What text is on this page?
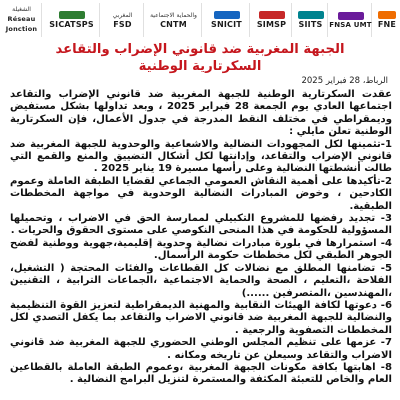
الشغيلة
Réseau
Jonction SICATSPS
المغربي
FSD
والحماية الاجتماعية
CNTM	SNICIT SIMSP SIITS FNSA UMT FNE
الجبهة المغربية ضد قانوني الإضراب والتقاعد
السكرتارية الوطنية
الرباط، 28 فبراير 2025

عقدت السكرتارية الوطنية للجبهة المغربية ضد قانوني الإضراب والتقاعد اجتماعها العادي يوم الجمعة 28 فبراير 2025 ، وبعد تداولها بشكل مستفيض وديمقراطي في مختلف النقط المدرجة في جدول الأعمال، فإن السكرتارية الوطنية تعلن مايلي :

1-تثمينها لكل المجهودات النضالية والاشعاعية والوحدوية للجبهة المغربية ضد قانوني الإضراب والتقاعد، وإدانتها لكل أشكال التضييق والمنع والقمع التي طالت أنشطتها النضالية وعلى رأسها مسيرة 19 يناير 2025 .

2-تأكيدها على أهمية النقاش العمومي الجماعي لقضايا الطبقة العاملة وعموم الكادحين ، وخوض المبادرات النضالية الوحدوية في مواجهة المخططات الطبقية.

3- تجديد رفضها للمشروع التكبيلي لممارسة الحق في الاضراب ، وتحميلها المسؤولية للحكومة في هذا المنحى النكوصي على مستوى الحقوق والحريات .

4- استمرارها في بلورة مبادرات نضالية وحدوية إقليمية،جهوية ووطنية لفضح الجوهر الطبقي لكل مخططات حكومة الرأسمال.

5- تضامنها المطلق مع نضالات كل القطاعات والفئات المحتجة ( التشغيل، الفلاحة ،التعليم ، الصحة والحماية الاجتماعية ،الجماعات الترابية ، التقنيين ،المهندسين ،المتصرفين ......)

6- دعوتها لكافة الهيئات النقابية والمهنية الديمقراطية لتعزيز القوة التنظيمية والنضالية للجبهة المغربية ضد قانوني الاضراب والتقاعد بما يكفل التصدي لكل المخططات التصفوية والرجعية .

7- عزمها على تنظيم المجلس الوطني الحضوري للجبهة المغربية ضد قانوني الاضراب والتقاعد وسيعلن عن تاريخه ومكانه .

8- اهابتها بكافة مكونات الجبهة المغربية ،وعموم الطبقة العاملة بالقطاعين العام والخاص للتعبئة المكثفة والمستمرة لتنزيل البرامج النضالية .
